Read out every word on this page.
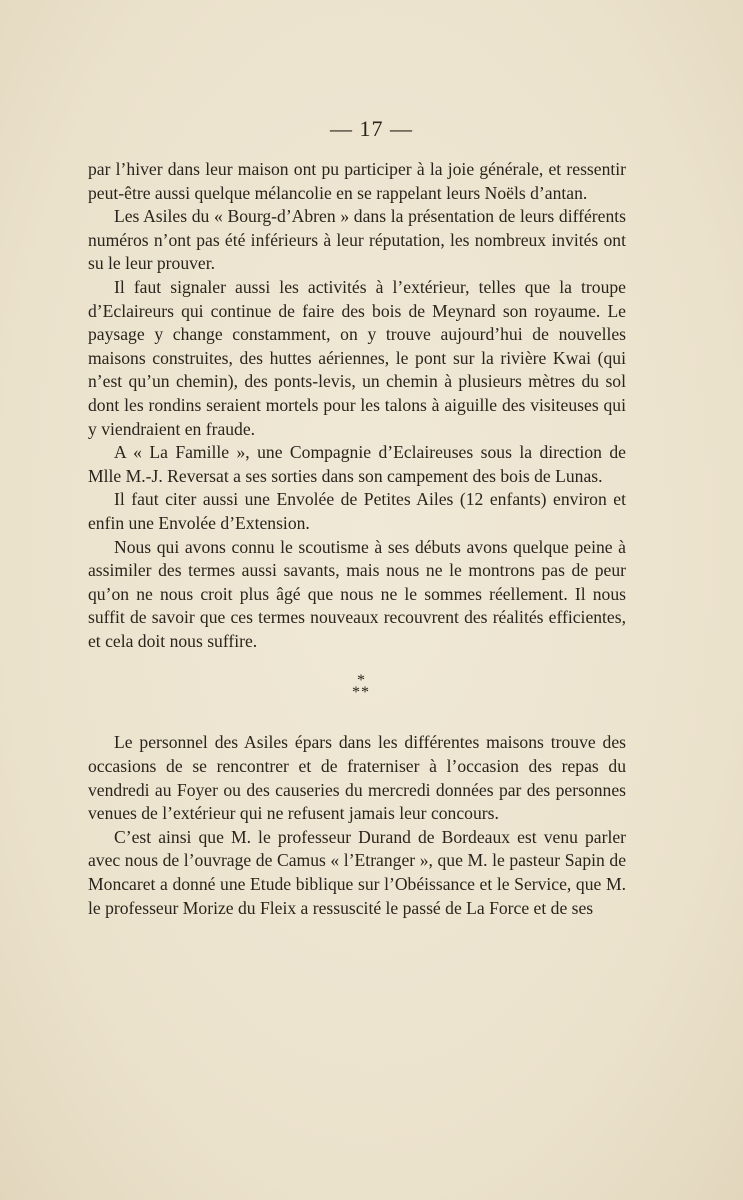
— 17 —

par l’hiver dans leur maison ont pu participer à la joie générale, et ressentir peut-être aussi quelque mélancolie en se rappelant leurs Noëls d’antan.

Les Asiles du « Bourg-d’Abren » dans la présentation de leurs différents numéros n’ont pas été inférieurs à leur réputation, les nombreux invités ont su le leur prouver.

Il faut signaler aussi les activités à l’extérieur, telles que la troupe d’Eclaireurs qui continue de faire des bois de Meynard son royaume. Le paysage y change constamment, on y trouve aujourd’hui de nouvelles maisons construites, des huttes aériennes, le pont sur la rivière Kwai (qui n’est qu’un chemin), des ponts-levis, un chemin à plusieurs mètres du sol dont les rondins seraient mortels pour les talons à aiguille des visiteuses qui y viendraient en fraude.

A « La Famille », une Compagnie d’Eclaireuses sous la direction de Mlle M.-J. Reversat a ses sorties dans son campement des bois de Lunas.

Il faut citer aussi une Envolée de Petites Ailes (12 enfants) environ et enfin une Envolée d’Extension.

Nous qui avons connu le scoutisme à ses débuts avons quelque peine à assimiler des termes aussi savants, mais nous ne le montrons pas de peur qu’on ne nous croit plus âgé que nous ne le sommes réellement. Il nous suffit de savoir que ces termes nouveaux recouvrent des réalités efficientes, et cela doit nous suffire.

*
**

Le personnel des Asiles épars dans les différentes maisons trouve des occasions de se rencontrer et de fraterniser à l’occasion des repas du vendredi au Foyer ou des causeries du mercredi données par des personnes venues de l’extérieur qui ne refusent jamais leur concours.

C’est ainsi que M. le professeur Durand de Bordeaux est venu parler avec nous de l’ouvrage de Camus « l’Etranger », que M. le pasteur Sapin de Moncaret a donné une Etude biblique sur l’Obéissance et le Service, que M. le professeur Morize du Fleix a ressuscité le passé de La Force et de ses
